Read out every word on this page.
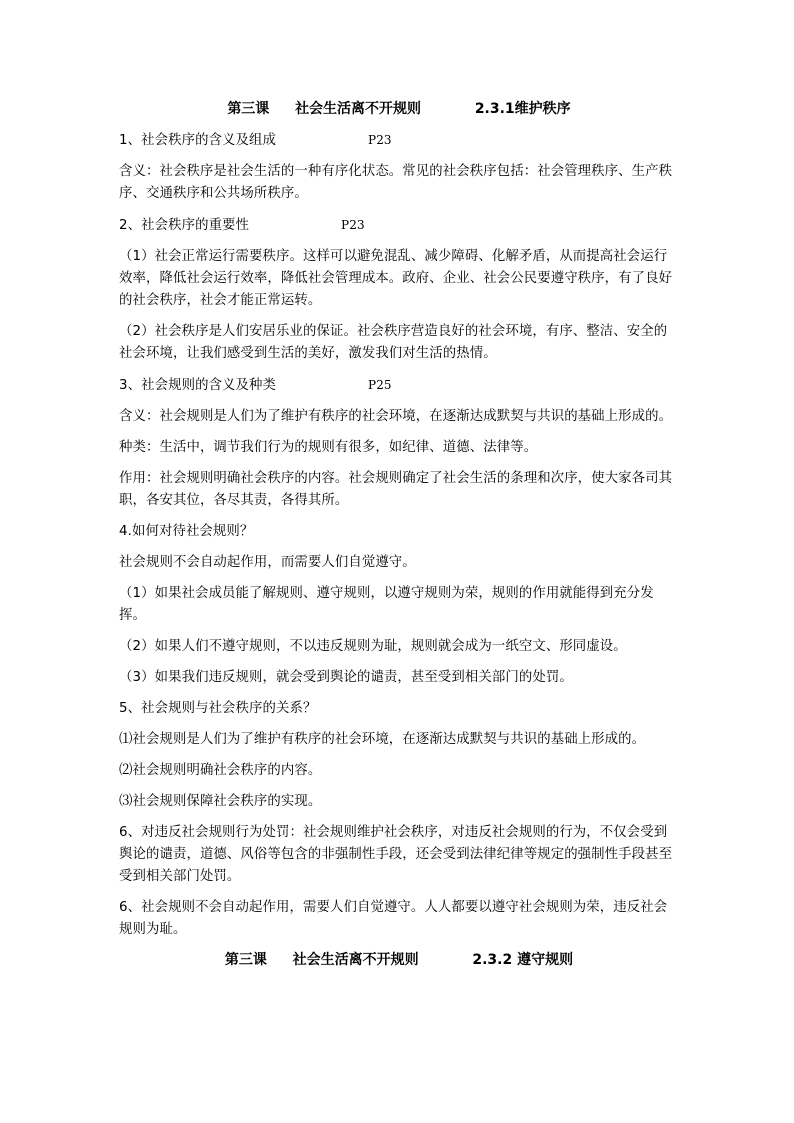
第三课 社会生活离不开规则	2.3.1维护秩序

1、社会秩序的含义及组成	P23

含义：社会秩序是社会生活的一种有序化状态。常见的社会秩序包括：社会管理秩序、生产秩序、交通秩序和公共场所秩序。

2、社会秩序的重要性	P23

（1）社会正常运行需要秩序。这样可以避免混乱、减少障碍、化解矛盾，从而提高社会运行效率，降低社会运行效率，降低社会管理成本。政府、企业、社会公民要遵守秩序，有了良好的社会秩序，社会才能正常运转。

（2）社会秩序是人们安居乐业的保证。社会秩序营造良好的社会环境，有序、整洁、安全的社会环境，让我们感受到生活的美好，激发我们对生活的热情。

3、社会规则的含义及种类	P25

含义：社会规则是人们为了维护有秩序的社会环境，在逐渐达成默契与共识的基础上形成的。

种类：生活中，调节我们行为的规则有很多，如纪律、道德、法律等。

作用：社会规则明确社会秩序的内容。社会规则确定了社会生活的条理和次序，使大家各司其职，各安其位，各尽其责，各得其所。

4.如何对待社会规则？

社会规则不会自动起作用，而需要人们自觉遵守。

（1）如果社会成员能了解规则、遵守规则，以遵守规则为荣，规则的作用就能得到充分发挥。

（2）如果人们不遵守规则，不以违反规则为耻，规则就会成为一纸空文、形同虚设。

（3）如果我们违反规则，就会受到舆论的谴责，甚至受到相关部门的处罚。

5、社会规则与社会秩序的关系？

⑴社会规则是人们为了维护有秩序的社会环境，在逐渐达成默契与共识的基础上形成的。

⑵社会规则明确社会秩序的内容。

⑶社会规则保障社会秩序的实现。

6、对违反社会规则行为处罚：社会规则维护社会秩序，对违反社会规则的行为，不仅会受到舆论的谴责，道德、风俗等包含的非强制性手段，还会受到法律纪律等规定的强制性手段甚至受到相关部门处罚。

6、社会规则不会自动起作用，需要人们自觉遵守。人人都要以遵守社会规则为荣，违反社会规则为耻。

第三课 社会生活离不开规则	2.3.2 遵守规则
